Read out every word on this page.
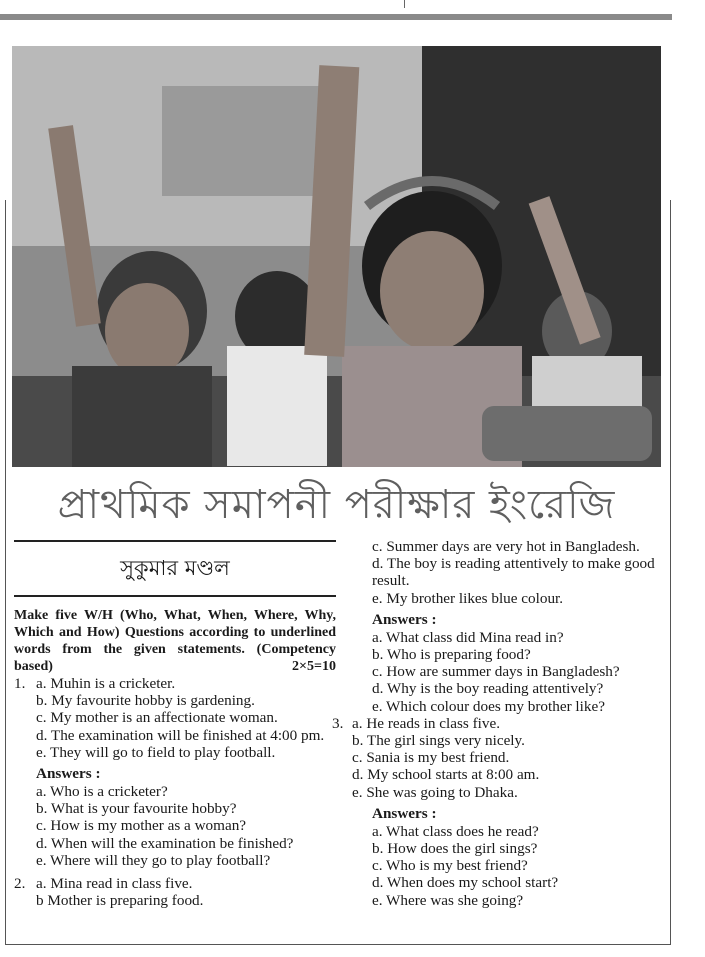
প্রাথমিক সমাপনী পরীক্ষার ইংরেজি
সুকুমার মণ্ডল
Make five W/H (Who, What, When, Where, Why, Which and How) Questions according to underlined words from the given statements. (Competency based)	2×5=10
1. a. Muhin is a cricketer.
b. My favourite hobby is gardening.
c. My mother is an affectionate woman.
d. The examination will be finished at 4:00 pm.
e. They will go to field to play football.
Answers :
a. Who is a cricketer?
b. What is your favourite hobby?
c. How is my mother as a woman?
d. When will the examination be finished?
e. Where will they go to play football?
2. a. Mina read in class five.
b Mother is preparing food.
c. Summer days are very hot in Bangladesh.
d. The boy is reading attentively to make good result.
e. My brother likes blue colour.
Answers :
a. What class did Mina read in?
b. Who is preparing food?
c. How are summer days in Bangladesh?
d. Why is the boy reading attentively?
e. Which colour does my brother like?
3. a. He reads in class five.
b. The girl sings very nicely.
c. Sania is my best friend.
d. My school starts at 8:00 am.
e. She was going to Dhaka.
Answers :
a. What class does he read?
b. How does the girl sings?
c. Who is my best friend?
d. When does my school start?
e. Where was she going?
